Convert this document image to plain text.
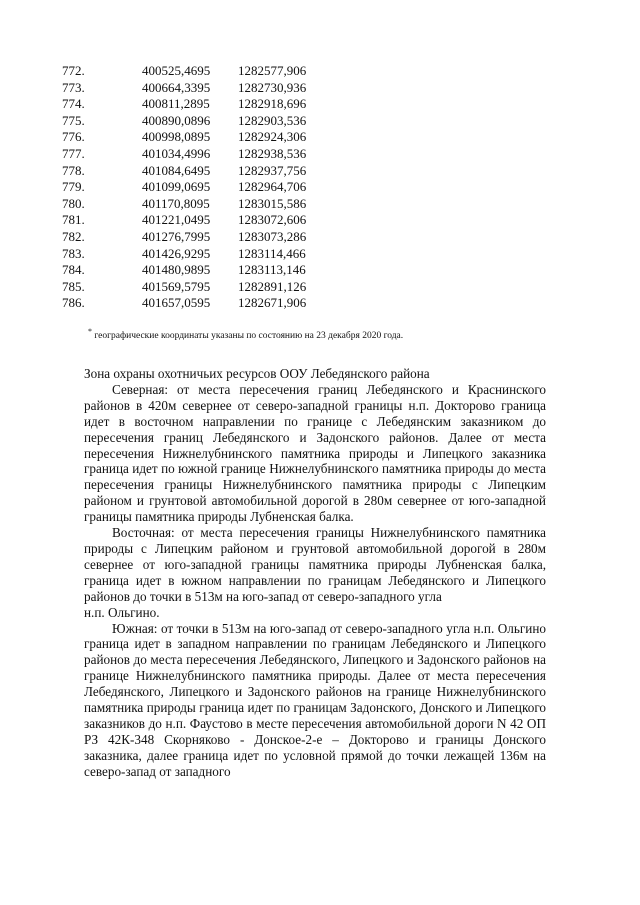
772.	400525,4695	1282577,906
773.	400664,3395	1282730,936
774.	400811,2895	1282918,696
775.	400890,0896	1282903,536
776.	400998,0895	1282924,306
777.	401034,4996	1282938,536
778.	401084,6495	1282937,756
779.	401099,0695	1282964,706
780.	401170,8095	1283015,586
781.	401221,0495	1283072,606
782.	401276,7995	1283073,286
783.	401426,9295	1283114,466
784.	401480,9895	1283113,146
785.	401569,5795	1282891,126
786.	401657,0595	1282671,906
* географические координаты указаны по состоянию на 23 декабря 2020 года.

Зона охраны охотничьих ресурсов ООУ Лебедянского района

Северная: от места пересечения границ Лебедянского и Краснинского районов в 420м севернее от северо-западной границы н.п. Докторово граница идет в восточном направлении по границе с Лебедянским заказником до пересечения границ Лебедянского и Задонского районов. Далее от места пересечения Нижнелубнинского памятника природы и Липецкого заказника граница идет по южной границе Нижнелубнинского памятника природы до места пересечения границы Нижнелубнинского памятника природы с Липецким районом и грунтовой автомобильной дорогой в 280м севернее от юго-западной границы памятника природы Лубненская балка.

Восточная: от места пересечения границы Нижнелубнинского памятника природы с Липецким районом и грунтовой автомобильной дорогой в 280м севернее от юго-западной границы памятника природы Лубненская балка, граница идет в южном направлении по границам Лебедянского и Липецкого районов до точки в 513м на юго-запад от северо-западного угла

н.п. Ольгино.

Южная: от точки в 513м на юго-запад от северо-западного угла н.п. Ольгино граница идет в западном направлении по границам Лебедянского и Липецкого районов до места пересечения Лебедянского, Липецкого и Задонского районов на границе Нижнелубнинского памятника природы. Далее от места пересечения Лебедянского, Липецкого и Задонского районов на границе Нижнелубнинского памятника природы граница идет по границам Задонского, Донского и Липецкого заказников до н.п. Фаустово в месте пересечения автомобильной дороги N 42 ОП РЗ 42К-348 Скорняково - Донское-2-е – Докторово и границы Донского заказника, далее граница идет по условной прямой до точки лежащей 136м на северо-запад от западного
